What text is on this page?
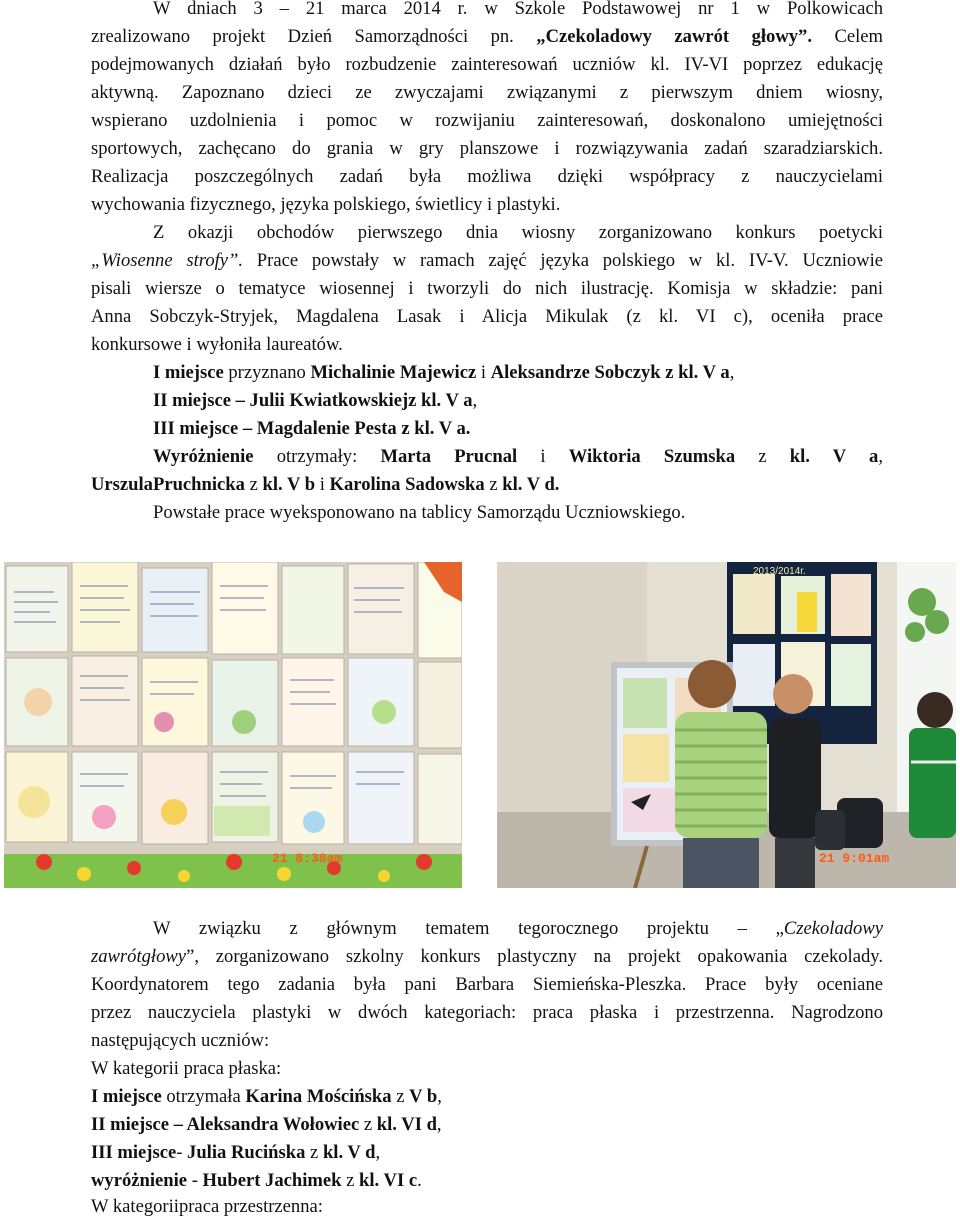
W dniach 3 – 21 marca 2014 r. w Szkole Podstawowej nr 1 w Polkowicach
zrealizowano projekt Dzień Samorządności pn. „Czekoladowy zawrót głowy”. Celem
podejmowanych działań było rozbudzenie zainteresowań uczniów kl. IV-VI poprzez edukację
aktywną. Zapoznano dzieci ze zwyczajami związanymi z pierwszym dniem wiosny,
wspierano uzdolnienia i pomoc w rozwijaniu zainteresowań, doskonalono umiejętności
sportowych, zachęcano do grania w gry planszowe i rozwiązywania zadań szaradziarskich.
Realizacja poszczególnych zadań była możliwa dzięki współpracy z nauczycielami
wychowania fizycznego, języka polskiego, świetlicy i plastyki.
Z okazji obchodów pierwszego dnia wiosny zorganizowano konkurs poetycki
„Wiosenne strofy”. Prace powstały w ramach zajęć języka polskiego w kl. IV-V. Uczniowie
pisali wiersze o tematyce wiosennej i tworzyli do nich ilustrację. Komisja w składzie: pani
Anna Sobczyk-Stryjek, Magdalena Lasak i Alicja Mikulak (z kl. VI c), oceniła prace
konkursowe i wyłoniła laureatów.
I miejsce przyznano Michalinie Majewicz i Aleksandrze Sobczyk z kl. V a,
II miejsce – Julii Kwiatkowskiejz kl. V a,
III miejsce – Magdalenie Pesta z kl. V a.
Wyróżnienie otrzymały: Marta Prucnal i Wiktoria Szumska z kl. V a,
UrszulaPruchnicka z kl. V b i Karolina Sadowska z kl. V d.
Powstałe prace wyeksponowano na tablicy Samorządu Uczniowskiego.
21 8:38am
2013/2014r.
21 9:01am
W związku z głównym tematem tegorocznego projektu – „Czekoladowy
zawrótgłowy”, zorganizowano szkolny konkurs plastyczny na projekt opakowania czekolady.
Koordynatorem tego zadania była pani Barbara Siemieńska-Pleszka. Prace były oceniane
przez nauczyciela plastyki w dwóch kategoriach: praca płaska i przestrzenna. Nagrodzono
następujących uczniów:
W kategorii praca płaska:
I miejsce otrzymała Karina Mościńska z V b,
II miejsce – Aleksandra Wołowiec z kl. VI d,
III miejsce- Julia Rucińska z kl. V d,
wyróżnienie - Hubert Jachimek z kl. VI c.
W kategoriipraca przestrzenna:
